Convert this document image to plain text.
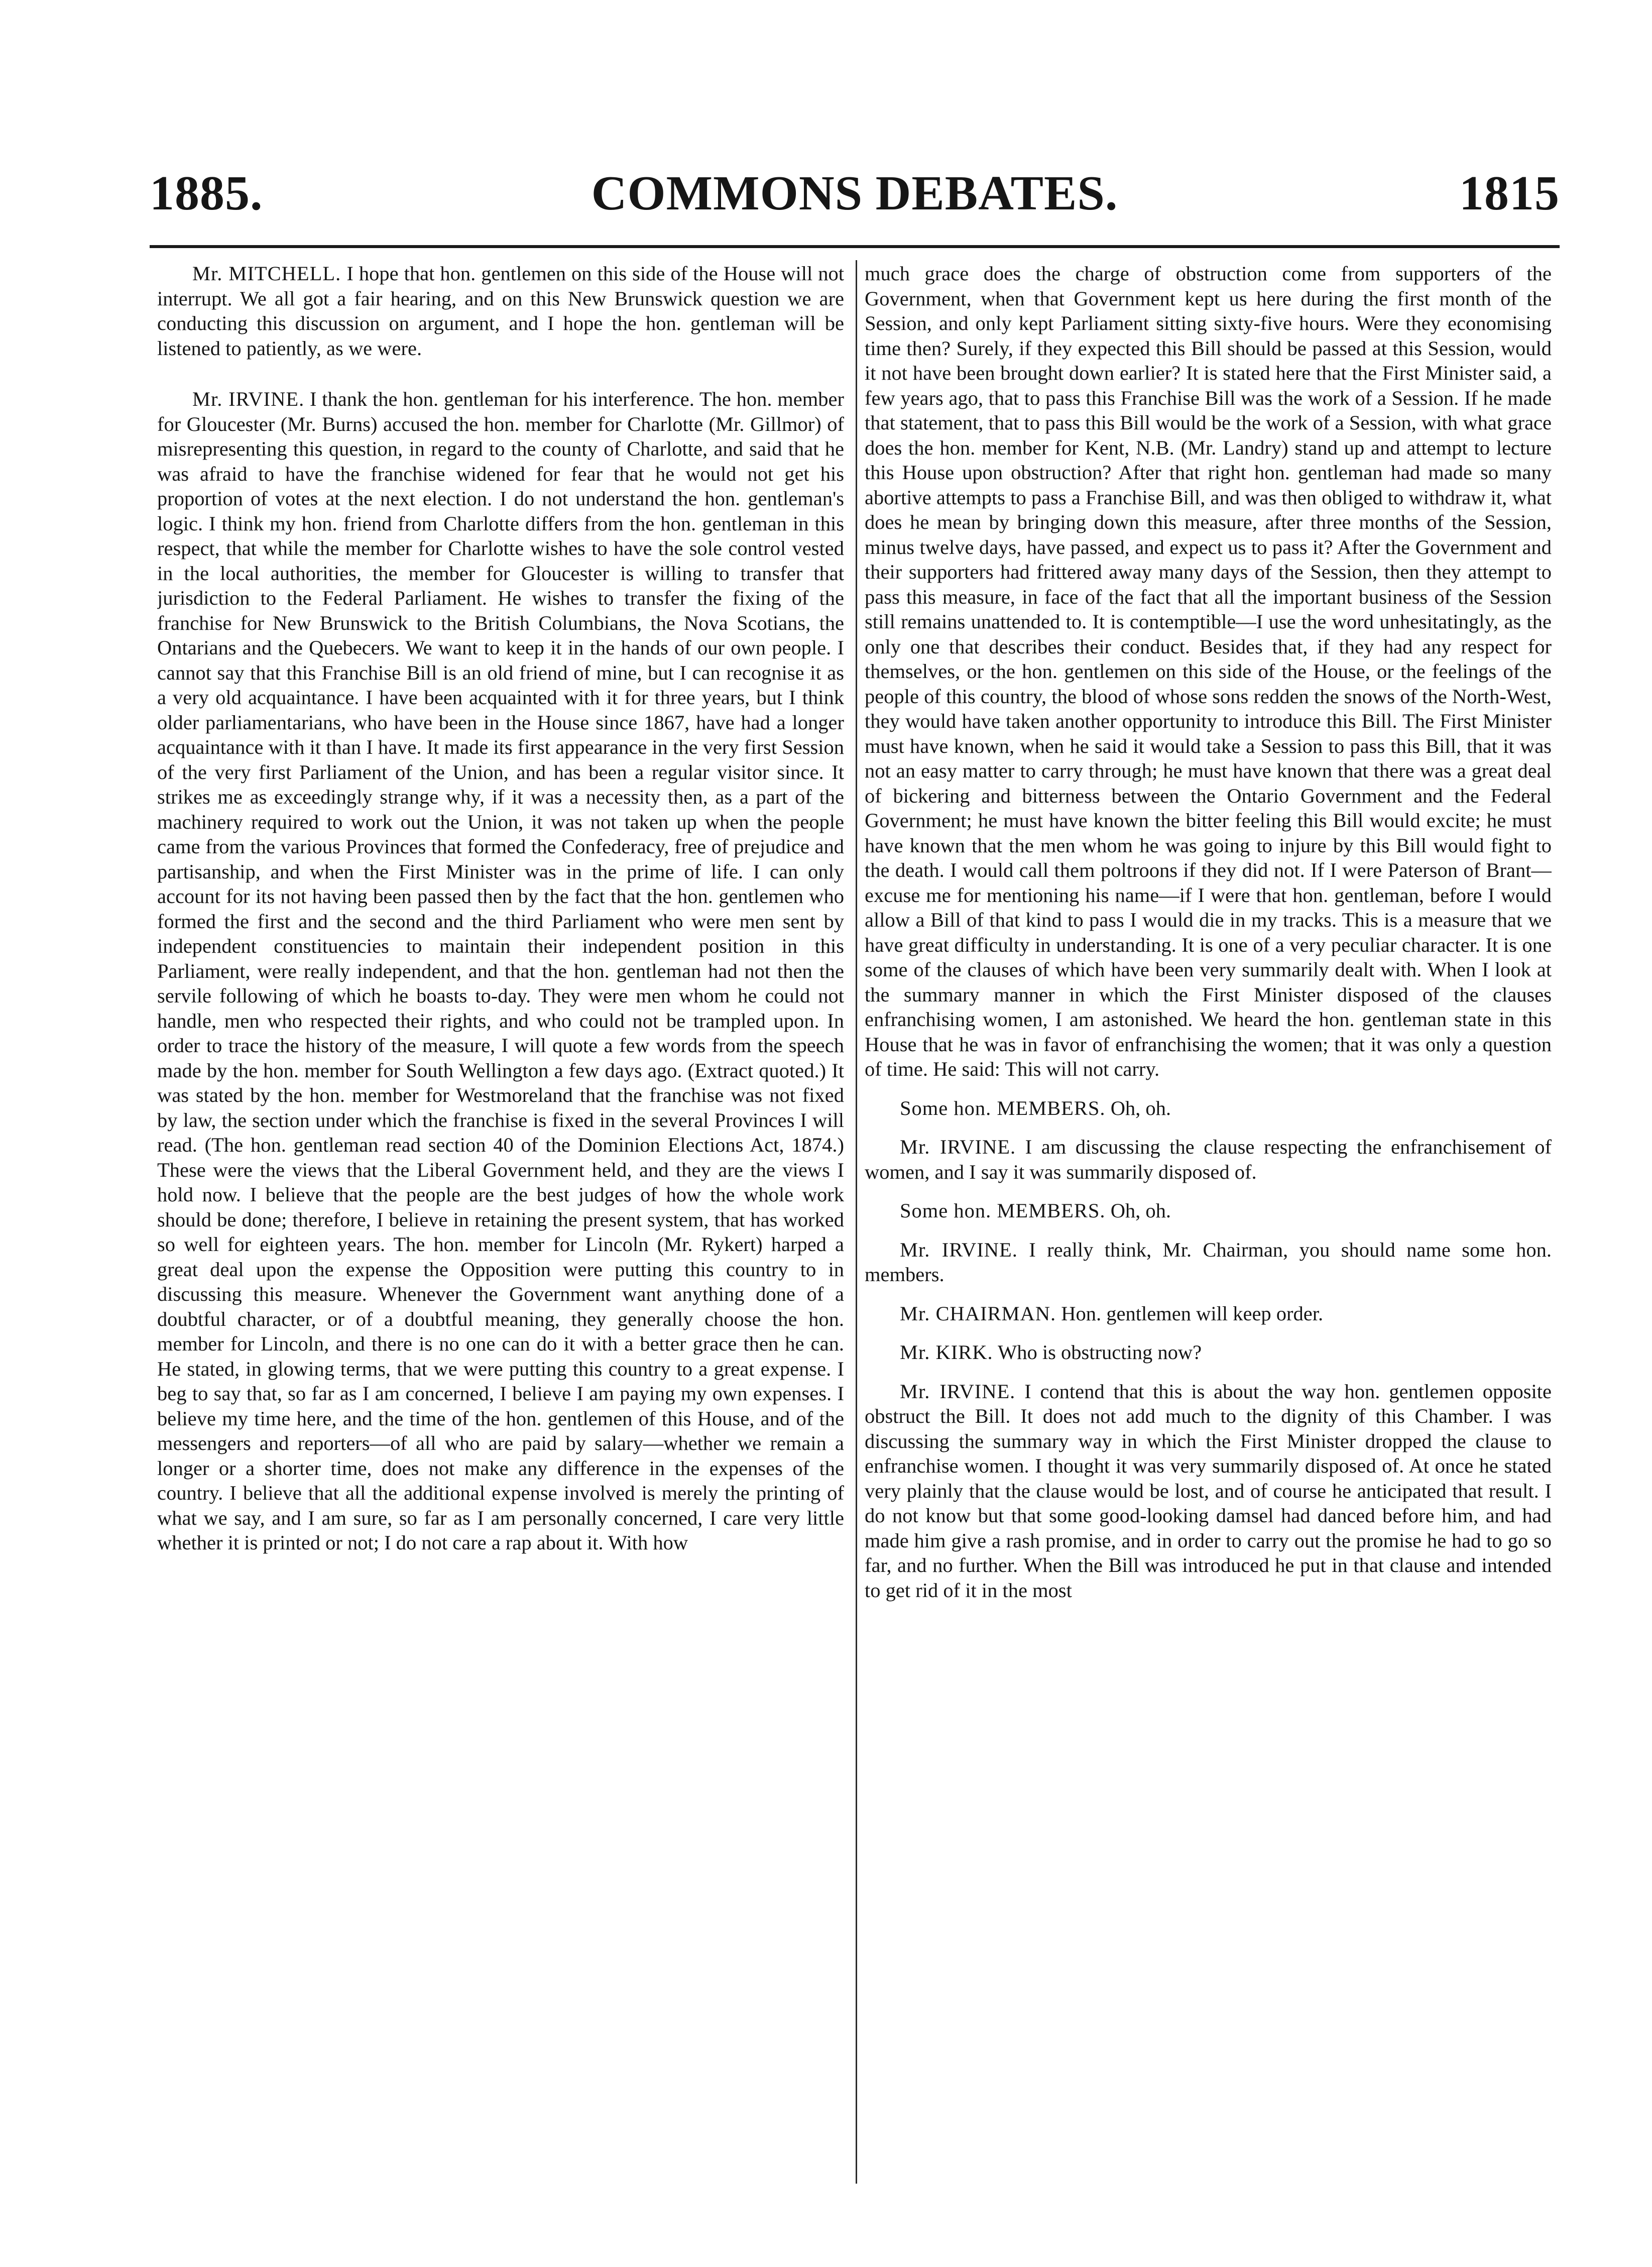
1885.	COMMONS DEBATES.	1815

Mr. MITCHELL. I hope that hon. gentlemen on this side of the House will not interrupt. We all got a fair hearing, and on this New Brunswick question we are conducting this discussion on argument, and I hope the hon. gentleman will be listened to patiently, as we were.

Mr. IRVINE. I thank the hon. gentleman for his interference. The hon. member for Gloucester (Mr. Burns) accused the hon. member for Charlotte (Mr. Gillmor) of misrepresenting this question, in regard to the county of Charlotte, and said that he was afraid to have the franchise widened for fear that he would not get his proportion of votes at the next election. I do not understand the hon. gentleman's logic. I think my hon. friend from Charlotte differs from the hon. gentleman in this respect, that while the member for Charlotte wishes to have the sole control vested in the local authorities, the member for Gloucester is willing to transfer that jurisdiction to the Federal Parliament. He wishes to transfer the fixing of the franchise for New Brunswick to the British Columbians, the Nova Scotians, the Ontarians and the Quebecers. We want to keep it in the hands of our own people. I cannot say that this Franchise Bill is an old friend of mine, but I can recognise it as a very old acquaintance. I have been acquainted with it for three years, but I think older parliamentarians, who have been in the House since 1867, have had a longer acquaintance with it than I have. It made its first appearance in the very first Session of the very first Parliament of the Union, and has been a regular visitor since. It strikes me as exceedingly strange why, if it was a necessity then, as a part of the machinery required to work out the Union, it was not taken up when the people came from the various Provinces that formed the Confederacy, free of prejudice and partisanship, and when the First Minister was in the prime of life. I can only account for its not having been passed then by the fact that the hon. gentlemen who formed the first and the second and the third Parliament who were men sent by independent constituencies to maintain their independent position in this Parliament, were really independent, and that the hon. gentleman had not then the servile following of which he boasts to-day. They were men whom he could not handle, men who respected their rights, and who could not be trampled upon. In order to trace the history of the measure, I will quote a few words from the speech made by the hon. member for South Wellington a few days ago. (Extract quoted.) It was stated by the hon. member for Westmoreland that the franchise was not fixed by law, the section under which the franchise is fixed in the several Provinces I will read. (The hon. gentleman read section 40 of the Dominion Elections Act, 1874.) These were the views that the Liberal Government held, and they are the views I hold now. I believe that the people are the best judges of how the whole work should be done; therefore, I believe in retaining the present system, that has worked so well for eighteen years. The hon. member for Lincoln (Mr. Rykert) harped a great deal upon the expense the Opposition were putting this country to in discussing this measure. Whenever the Government want anything done of a doubtful character, or of a doubtful meaning, they generally choose the hon. member for Lincoln, and there is no one can do it with a better grace then he can. He stated, in glowing terms, that we were putting this country to a great expense. I beg to say that, so far as I am concerned, I believe I am paying my own expenses. I believe my time here, and the time of the hon. gentlemen of this House, and of the messengers and reporters—of all who are paid by salary—whether we remain a longer or a shorter time, does not make any difference in the expenses of the country. I believe that all the additional expense involved is merely the printing of what we say, and I am sure, so far as I am personally concerned, I care very little whether it is printed or not; I do not care a rap about it. With how

much grace does the charge of obstruction come from supporters of the Government, when that Government kept us here during the first month of the Session, and only kept Parliament sitting sixty-five hours. Were they economising time then? Surely, if they expected this Bill should be passed at this Session, would it not have been brought down earlier? It is stated here that the First Minister said, a few years ago, that to pass this Franchise Bill was the work of a Session. If he made that statement, that to pass this Bill would be the work of a Session, with what grace does the hon. member for Kent, N.B. (Mr. Landry) stand up and attempt to lecture this House upon obstruction? After that right hon. gentleman had made so many abortive attempts to pass a Franchise Bill, and was then obliged to withdraw it, what does he mean by bringing down this measure, after three months of the Session, minus twelve days, have passed, and expect us to pass it? After the Government and their supporters had frittered away many days of the Session, then they attempt to pass this measure, in face of the fact that all the important business of the Session still remains unattended to. It is contemptible—I use the word unhesitatingly, as the only one that describes their conduct. Besides that, if they had any respect for themselves, or the hon. gentlemen on this side of the House, or the feelings of the people of this country, the blood of whose sons redden the snows of the North-West, they would have taken another opportunity to introduce this Bill. The First Minister must have known, when he said it would take a Session to pass this Bill, that it was not an easy matter to carry through; he must have known that there was a great deal of bickering and bitterness between the Ontario Government and the Federal Government; he must have known the bitter feeling this Bill would excite; he must have known that the men whom he was going to injure by this Bill would fight to the death. I would call them poltroons if they did not. If I were Paterson of Brant—excuse me for mentioning his name—if I were that hon. gentleman, before I would allow a Bill of that kind to pass I would die in my tracks. This is a measure that we have great difficulty in understanding. It is one of a very peculiar character. It is one some of the clauses of which have been very summarily dealt with. When I look at the summary manner in which the First Minister disposed of the clauses enfranchising women, I am astonished. We heard the hon. gentleman state in this House that he was in favor of enfranchising the women; that it was only a question of time. He said: This will not carry.

Some hon. MEMBERS. Oh, oh.

Mr. IRVINE. I am discussing the clause respecting the enfranchisement of women, and I say it was summarily disposed of.

Some hon. MEMBERS. Oh, oh.

Mr. IRVINE. I really think, Mr. Chairman, you should name some hon. members.

Mr. CHAIRMAN. Hon. gentlemen will keep order.

Mr. KIRK. Who is obstructing now?

Mr. IRVINE. I contend that this is about the way hon. gentlemen opposite obstruct the Bill. It does not add much to the dignity of this Chamber. I was discussing the summary way in which the First Minister dropped the clause to enfranchise women. I thought it was very summarily disposed of. At once he stated very plainly that the clause would be lost, and of course he anticipated that result. I do not know but that some good-looking damsel had danced before him, and had made him give a rash promise, and in order to carry out the promise he had to go so far, and no further. When the Bill was introduced he put in that clause and intended to get rid of it in the most
